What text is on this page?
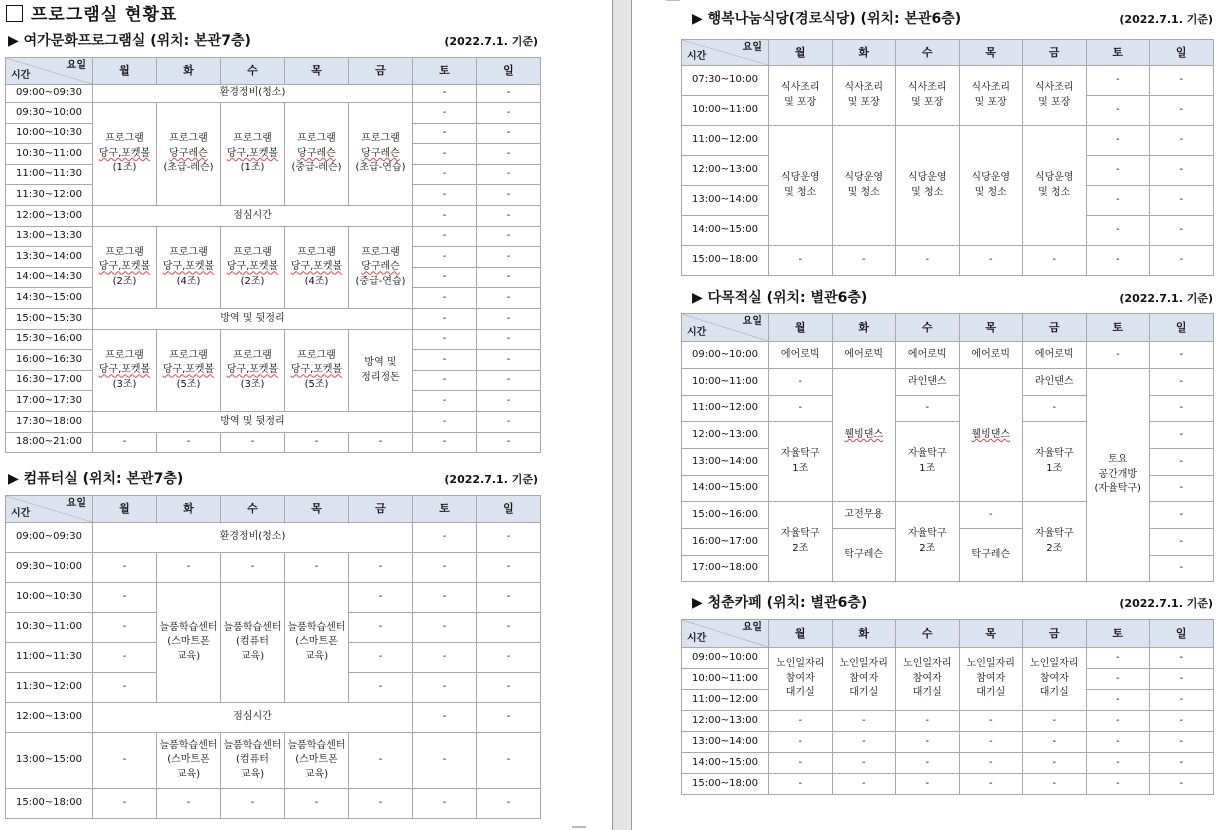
프로그램실 현황표
▶ 여가문화프로그램실 (위치: 본관7층)	(2022.7.1. 기준)
요일
시간	월	화	수	목	금	토	일
09:00~09:30	환경정비(청소)					-	-
09:30~10:00	프로그램
당구,포켓볼
(1조)	프로그램
당구레슨
(초급-레슨)	프로그램
당구,포켓볼
(1조)	프로그램
당구레슨
(중급-레슨)	프로그램
당구레슨
(초급-연습)	-	-
10:00~10:30						-	-
10:30~11:00						-	-
11:00~11:30						-	-
11:30~12:00						-	-
12:00~13:00	점심시간					-	-
13:00~13:30	프로그램
당구,포켓볼
(2조)	프로그램
당구,포켓볼
(4조)	프로그램
당구,포켓볼
(2조)	프로그램
당구,포켓볼
(4조)	프로그램
당구레슨
(중급-연습)	-	-
13:30~14:00						-	-
14:00~14:30						-	-
14:30~15:00						-	-
15:00~15:30	방역 및 뒷정리					-	-
15:30~16:00	프로그램
당구,포켓볼
(3조)	프로그램
당구,포켓볼
(5조)	프로그램
당구,포켓볼
(3조)	프로그램
당구,포켓볼
(5조)	방역 및
정리정돈	-	-
16:00~16:30						-	-
16:30~17:00						-	-
17:00~17:30						-	-
17:30~18:00	방역 및 뒷정리					-	-
18:00~21:00	-	-	-	-	-	-	-
▶ 컴퓨터실 (위치: 본관7층)	(2022.7.1. 기준)
요일
시간	월	화	수	목	금	토	일
09:00~09:30	환경정비(청소)					-	-
09:30~10:00	-	-	-	-	-	-	-
10:00~10:30	-	늘품학습센터
(스마트폰
교육)	늘품학습센터
(컴퓨터
교육)	늘품학습센터
(스마트폰
교육)	-	-	-
10:30~11:00	-				-	-	-
11:00~11:30	-				-	-	-
11:30~12:00	-				-	-	-
12:00~13:00	점심시간					-	-
13:00~15:00	-	늘품학습센터
(스마트폰
교육)	늘품학습센터
(컴퓨터
교육)	늘품학습센터
(스마트폰
교육)	-	-	-
15:00~18:00	-	-	-	-	-	-	-
▶ 행복나눔식당(경로식당) (위치: 본관6층)	(2022.7.1. 기준)
요일
시간	월	화	수	목	금	토	일
07:30~10:00	식사조리
및 포장	식사조리
및 포장	식사조리
및 포장	식사조리
및 포장	식사조리
및 포장	-	-
10:00~11:00						-	-
11:00~12:00	식당운영
및 청소	식당운영
및 청소	식당운영
및 청소	식당운영
및 청소	식당운영
및 청소	-	-
12:00~13:00						-	-
13:00~14:00						-	-
14:00~15:00						-	-
15:00~18:00	-	-	-	-	-	-	-
▶ 다목적실 (위치: 별관6층)	(2022.7.1. 기준)
요일
시간	월	화	수	목	금	토	일
09:00~10:00	에어로빅	에어로빅	에어로빅	에어로빅	에어로빅	-	-
10:00~11:00	-	웰빙댄스	라인댄스	웰빙댄스	라인댄스	토요
공간개방
(자율탁구)	-
11:00~12:00	-		-		-		-
12:00~13:00	자율탁구
1조		자율탁구
1조		자율탁구
1조		-
13:00~14:00							-
14:00~15:00							-
15:00~16:00	자율탁구
2조	고전무용	자율탁구
2조	-	자율탁구
2조		-
16:00~17:00		탁구레슨		탁구레슨			-
17:00~18:00							-
▶ 청춘카페 (위치: 별관6층)	(2022.7.1. 기준)
요일
시간	월	화	수	목	금	토	일
09:00~10:00	노인일자리
참여자
대기실	노인일자리
참여자
대기실	노인일자리
참여자
대기실	노인일자리
참여자
대기실	노인일자리
참여자
대기실	-	-
10:00~11:00						-	-
11:00~12:00						-	-
12:00~13:00	-	-	-	-	-	-	-
13:00~14:00	-	-	-	-	-	-	-
14:00~15:00	-	-	-	-	-	-	-
15:00~18:00	-	-	-	-	-	-	-
